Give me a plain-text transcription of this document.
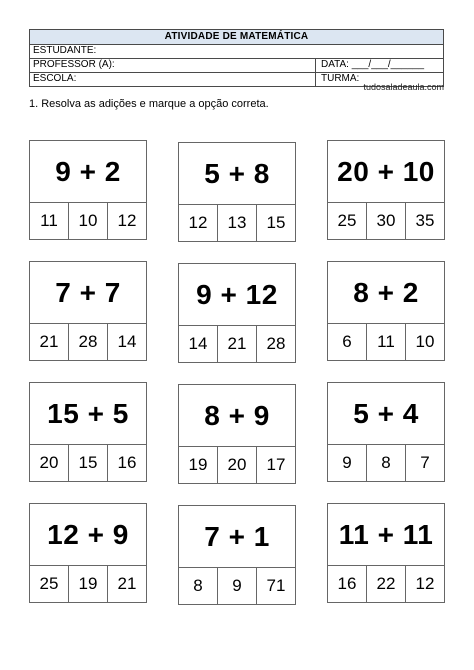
ATIVIDADE DE MATEMÁTICA
ESTUDANTE:
PROFESSOR (A):	DATA: ___/___/______
ESCOLA:	TURMA:
tudosaladeaula.com
1. Resolva as adições e marque a opção correta.
9 + 2
11	10	12
5 + 8
12	13	15
20 + 10
25	30	35
7 + 7
21	28	14
9 + 12
14	21	28
8 + 2
6	11	10
15 + 5
20	15	16
8 + 9
19	20	17
5 + 4
9	8	7
12 + 9
25	19	21
7 + 1
8	9	71
11 + 11
16	22	12
